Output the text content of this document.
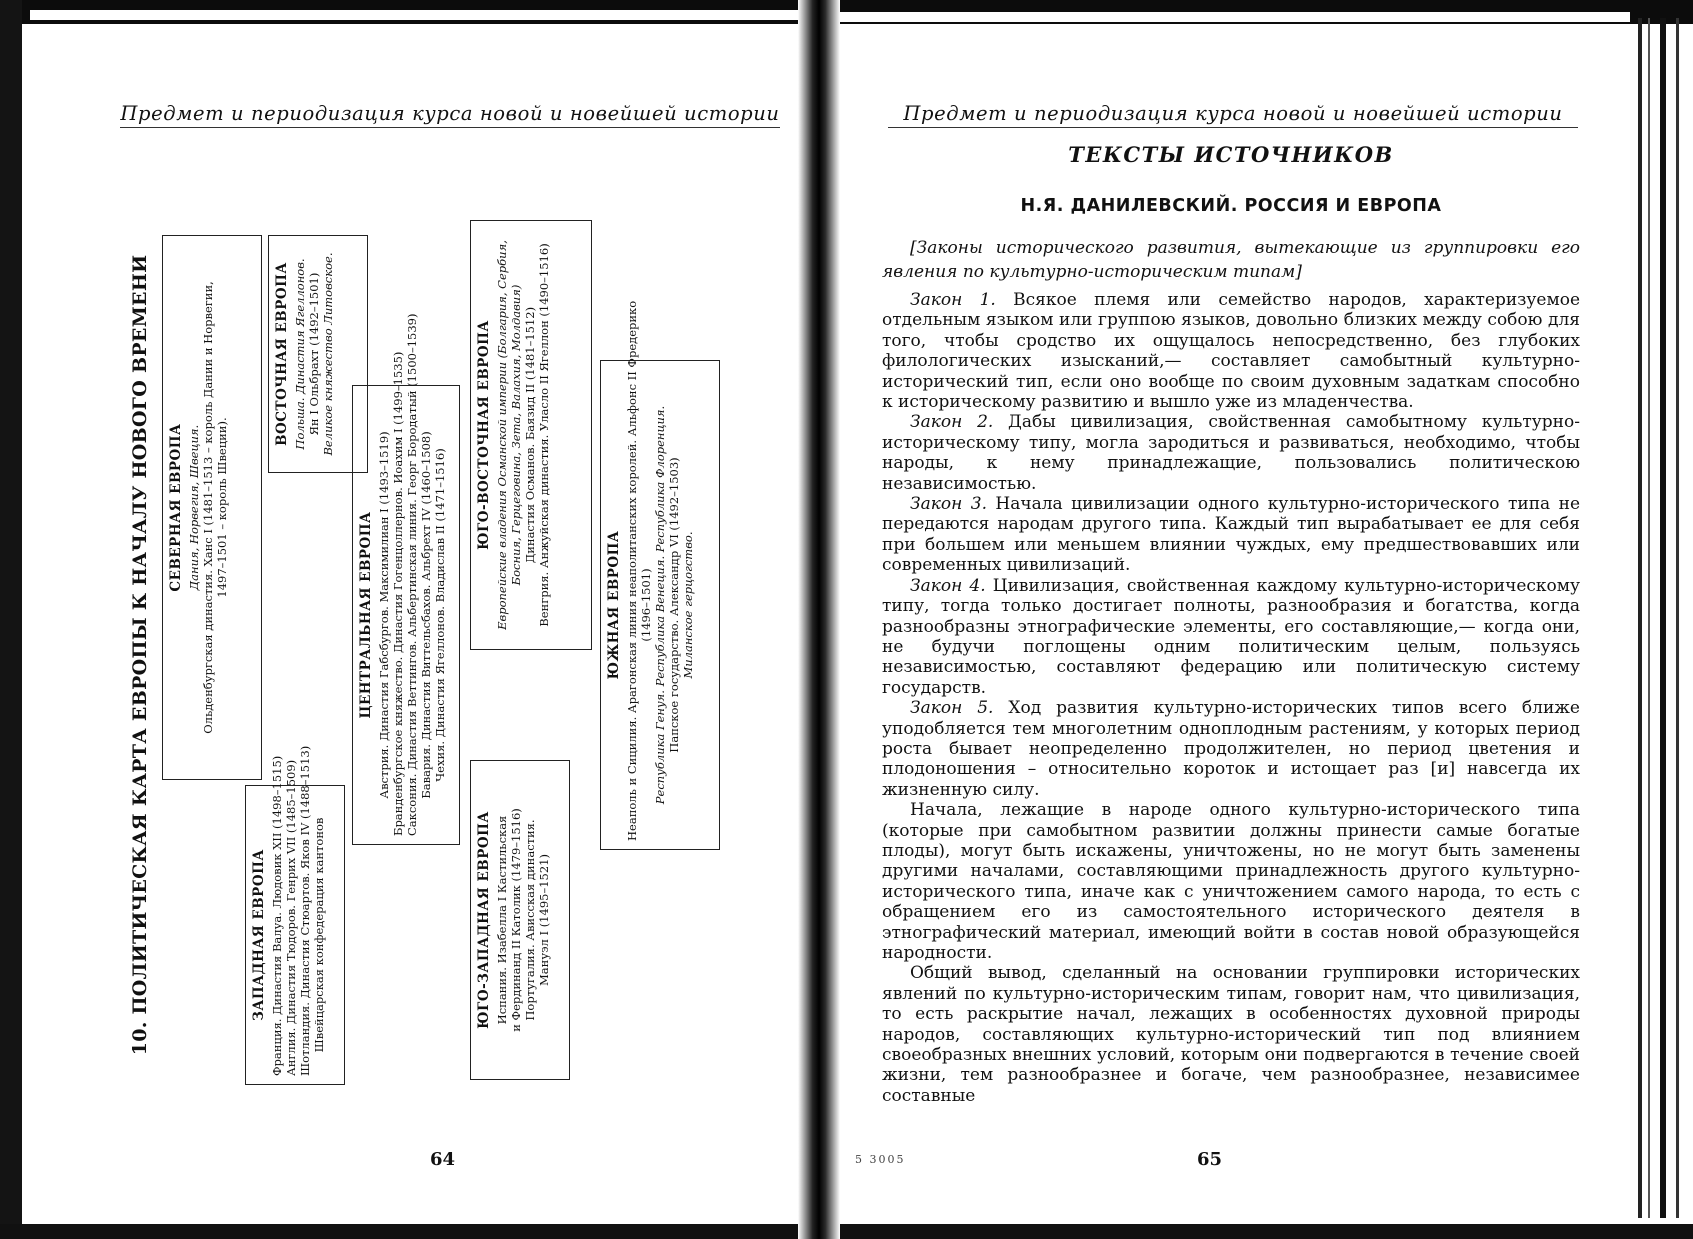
Предмет и периодизация курса новой и новейшей истории
10. ПОЛИТИЧЕСКАЯ КАРТА ЕВРОПЫ К НАЧАЛУ НОВОГО ВРЕМЕНИ	СЕВЕРНАЯ ЕВРОПА Дания, Норвегия, Швеция. Ольденбургская династия. Ханс I (1481–1513 – король Дании и Норвегии, 1497–1501 – король Швеции).
ВОСТОЧНАЯ ЕВРОПА Польша. Династия Ягеллонов. Ян I Ольбрахт (1492–1501) Великое княжество Литовское.
ЗАПАДНАЯ ЕВРОПА Франция. Династия Валуа. Людовик XII (1498–1515) Англия. Династия Тюдоров. Генрих VII (1485–1509) Шотландия. Династия Стюартов. Яков IV (1488–1513) Швейцарская конфедерация кантонов
ЦЕНТРАЛЬНАЯ ЕВРОПА Австрия. Династия Габсбургов. Максимилиан I (1493–1519) Бранденбургское княжество. Династия Гогенцоллернов. Иоахим I (1499–1535) Саксония. Династия Веттингов. Альбертинская линия. Георг Бородатый (1500–1539) Бавария. Династия Виттельсбахов. Альбрехт IV (1460–1508) Чехия. Династия Ягеллонов. Владислав II (1471–1516)
ЮГО-ЗАПАДНАЯ ЕВРОПА Испания. Изабелла I Кастильская и Фердинанд II Католик (1479–1516) Португалия. Ависская династия. Мануэл I (1495–1521)
ЮГО-ВОСТОЧНАЯ ЕВРОПА Европейские владения Османской империи (Болгария, Сербия, Босния, Герцеговина, Зета, Валахия, Молдавия) Династия Османов. Баязид II (1481–1512) Венгрия. Анжуйская династия. Уласло II Ягеллон (1490–1516)	ЮЖНАЯ ЕВРОПА Неаполь и Сицилия. Арагонская линия неаполитанских королей. Альфонс II Фредерико (1496–1501) Республика Генуя. Республика Венеция. Республика Флоренция. Папское государство. Александр VI (1492–1503) Миланское герцогство.
64
Предмет и периодизация курса новой и новейшей истории
ТЕКСТЫ ИСТОЧНИКОВ
Н.Я. ДАНИЛЕВСКИЙ. РОССИЯ И ЕВРОПА
[Законы исторического развития, вытекающие из группировки его явления по культурно-историческим типам]

Закон 1. Всякое племя или семейство народов, характеризуемое отдельным языком или группою языков, довольно близких между собою для того, чтобы сродство их ощущалось непосредственно, без глубоких филологических изысканий,— составляет самобытный культурно-исторический тип, если оно вообще по своим духовным задаткам способно к историческому развитию и вышло уже из младенчества.

Закон 2. Дабы цивилизация, свойственная самобытному культурно-историческому типу, могла зародиться и развиваться, необходимо, чтобы народы, к нему принадлежащие, пользовались политическою независимостью.

Закон 3. Начала цивилизации одного культурно-исторического типа не передаются народам другого типа. Каждый тип вырабатывает ее для себя при большем или меньшем влиянии чуждых, ему предшествовавших или современных цивилизаций.

Закон 4. Цивилизация, свойственная каждому культурно-историческому типу, тогда только достигает полноты, разнообразия и богатства, когда разнообразны этнографические элементы, его составляющие,— когда они, не будучи поглощены одним политическим целым, пользуясь независимостью, составляют федерацию или политическую систему государств.

Закон 5. Ход развития культурно-исторических типов всего ближе уподобляется тем многолетним одноплодным растениям, у которых период роста бывает неопределенно продолжителен, но период цветения и плодоношения – относительно короток и истощает раз [и] навсегда их жизненную силу.

Начала, лежащие в народе одного культурно-исторического типа (которые при самобытном развитии должны принести самые богатые плоды), могут быть искажены, уничтожены, но не могут быть заменены другими началами, составляющими принадлежность другого культурно-исторического типа, иначе как с уничтожением самого народа, то есть с обращением его из самостоятельного исторического деятеля в этнографический материал, имеющий войти в состав новой образующейся народности.

Общий вывод, сделанный на основании группировки исторических явлений по культурно-историческим типам, говорит нам, что цивилизация, то есть раскрытие начал, лежащих в особенностях духовной природы народов, составляющих культурно-исторический тип под влиянием своеобразных внешних условий, которым они подвергаются в течение своей жизни, тем разнообразнее и богаче, чем разнообразнее, независимее составные

5 3005	65
